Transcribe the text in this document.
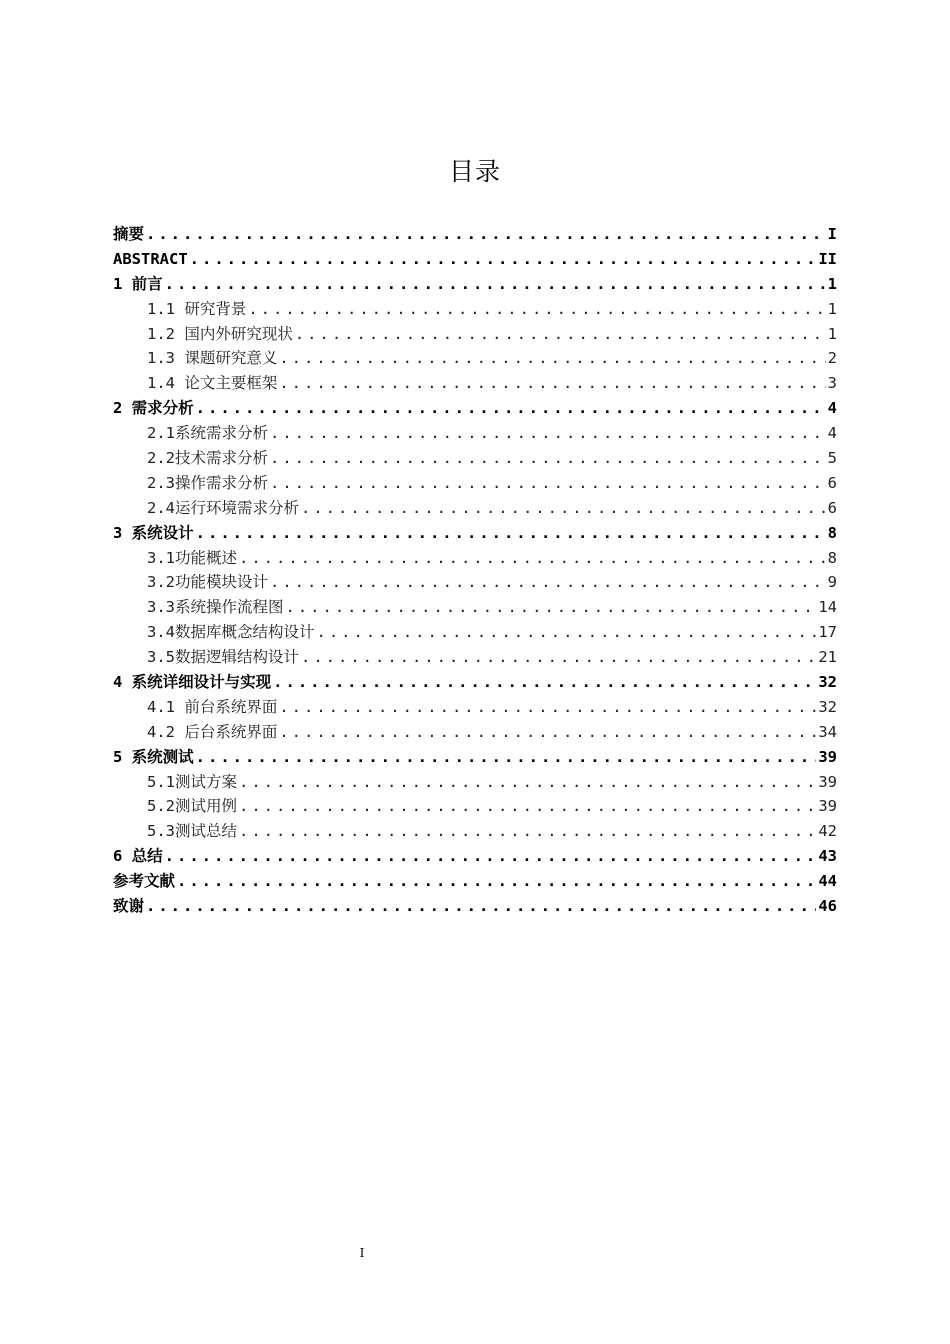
目录
摘要 .....	I
ABSTRACT .....	II
1 前言 .....	1
1.1 研究背景 .....	1
1.2 国内外研究现状 .....	1
1.3 课题研究意义 .....	2
1.4 论文主要框架 .....	3
2 需求分析 .....	4
2.1系统需求分析 .....	4
2.2技术需求分析 .....	5
2.3操作需求分析 .....	6
2.4运行环境需求分析 .....	6
3 系统设计 .....	8
3.1功能概述 .....	8
3.2功能模块设计 .....	9
3.3系统操作流程图 .....	14
3.4数据库概念结构设计 .....	17
3.5数据逻辑结构设计 .....	21
4 系统详细设计与实现 .....	32
4.1 前台系统界面 .....	32
4.2 后台系统界面 .....	34
5 系统测试 .....	39
5.1测试方案 .....	39
5.2测试用例 .....	39
5.3测试总结 .....	42
6 总结 .....	43
参考文献 .....	44
致谢 .....	46
I
